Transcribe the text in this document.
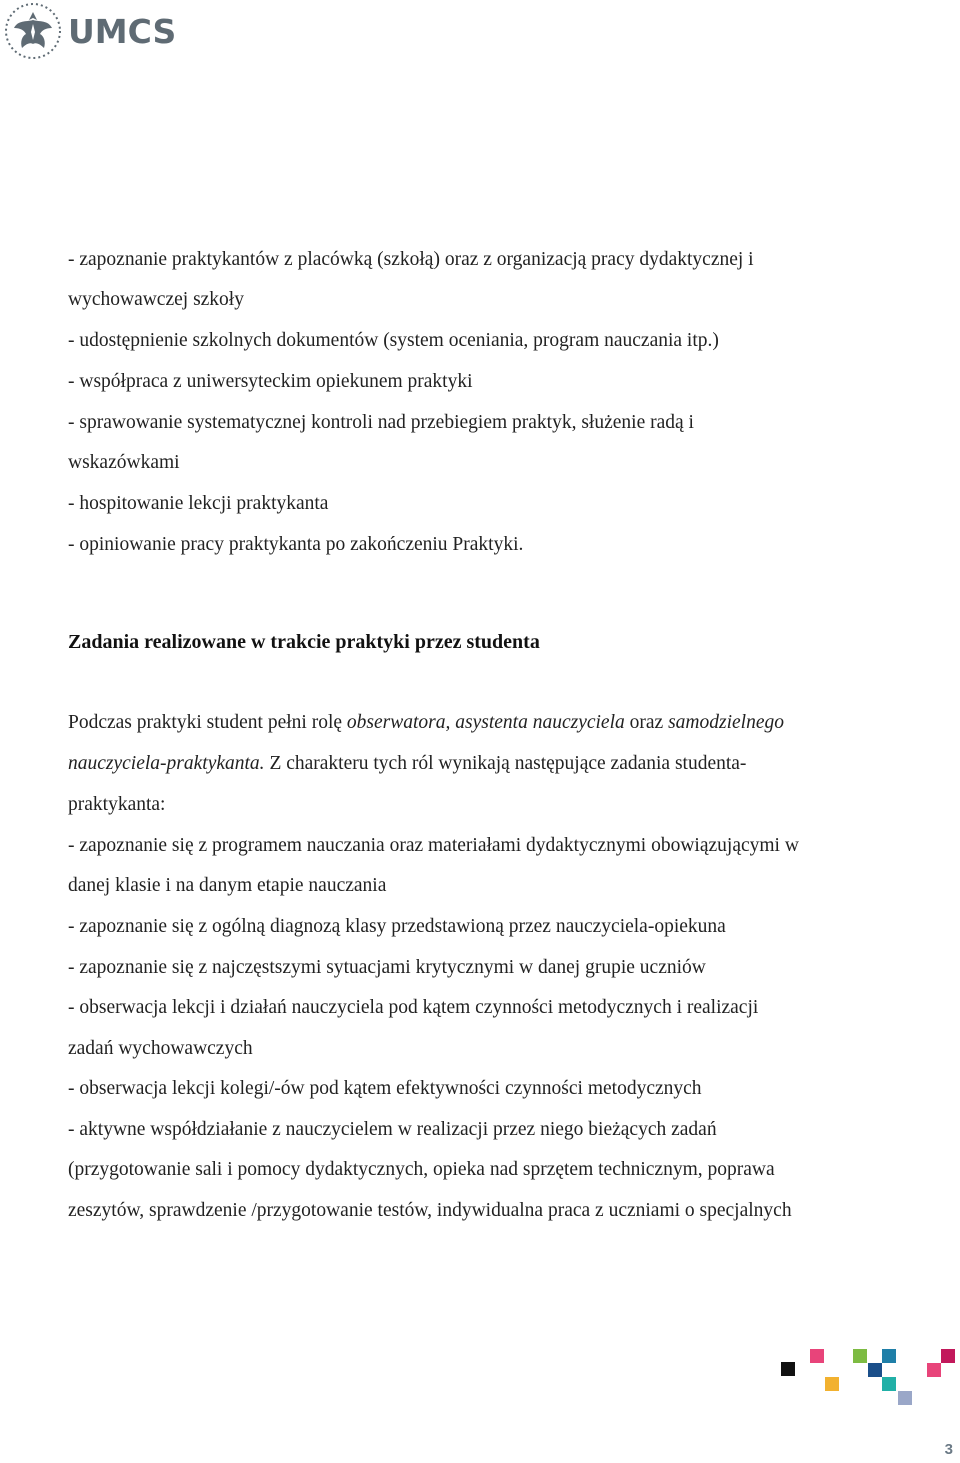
UMCS
- zapoznanie praktykantów z placówką (szkołą) oraz z organizacją pracy dydaktycznej i
wychowawczej szkoły
- udostępnienie szkolnych dokumentów (system oceniania, program nauczania itp.)
- współpraca z uniwersyteckim opiekunem praktyki
- sprawowanie systematycznej kontroli nad przebiegiem praktyk, służenie radą i
wskazówkami
- hospitowanie lekcji praktykanta
- opiniowanie pracy praktykanta po zakończeniu Praktyki.
Zadania realizowane w trakcie praktyki przez studenta
Podczas praktyki student pełni rolę obserwatora, asystenta nauczyciela oraz samodzielnego
nauczyciela-praktykanta. Z charakteru tych ról wynikają następujące zadania studenta-
praktykanta:
- zapoznanie się z programem nauczania oraz materiałami dydaktycznymi obowiązującymi w
danej klasie i na danym etapie nauczania
- zapoznanie się z ogólną diagnozą klasy przedstawioną przez nauczyciela-opiekuna
- zapoznanie się z najczęstszymi sytuacjami krytycznymi w danej grupie uczniów
- obserwacja lekcji i działań nauczyciela pod kątem czynności metodycznych i realizacji
zadań wychowawczych
- obserwacja lekcji kolegi/-ów pod kątem efektywności czynności metodycznych
- aktywne współdziałanie z nauczycielem w realizacji przez niego bieżących zadań
(przygotowanie sali i pomocy dydaktycznych, opieka nad sprzętem technicznym, poprawa
zeszytów, sprawdzenie /przygotowanie testów, indywidualna praca z uczniami o specjalnych
3
